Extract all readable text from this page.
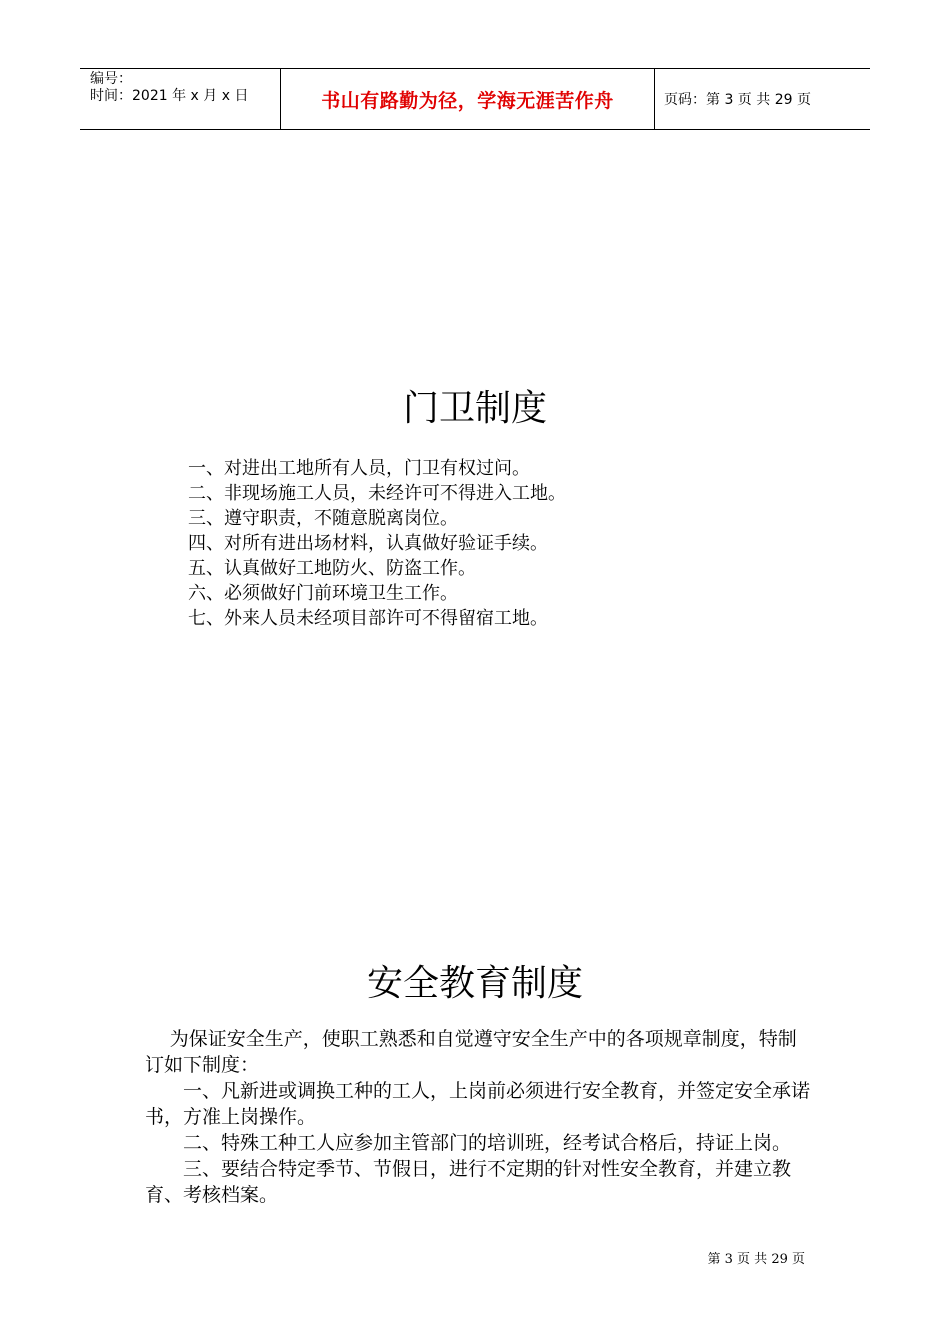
编号：
时间：2021 年 x 月 x 日	书山有路勤为径，学海无涯苦作舟	页码：第 3 页 共 29 页
门卫制度
一、对进出工地所有人员，门卫有权过问。
二、非现场施工人员，未经许可不得进入工地。
三、遵守职责，不随意脱离岗位。
四、对所有进出场材料，认真做好验证手续。
五、认真做好工地防火、防盗工作。
六、必须做好门前环境卫生工作。
七、外来人员未经项目部许可不得留宿工地。
安全教育制度

为保证安全生产，使职工熟悉和自觉遵守安全生产中的各项规章制度，特制订如下制度：

一、凡新进或调换工种的工人，上岗前必须进行安全教育，并签定安全承诺书，方准上岗操作。

二、特殊工种工人应参加主管部门的培训班，经考试合格后，持证上岗。

三、要结合特定季节、节假日，进行不定期的针对性安全教育，并建立教育、考核档案。

第 3 页 共 29 页
